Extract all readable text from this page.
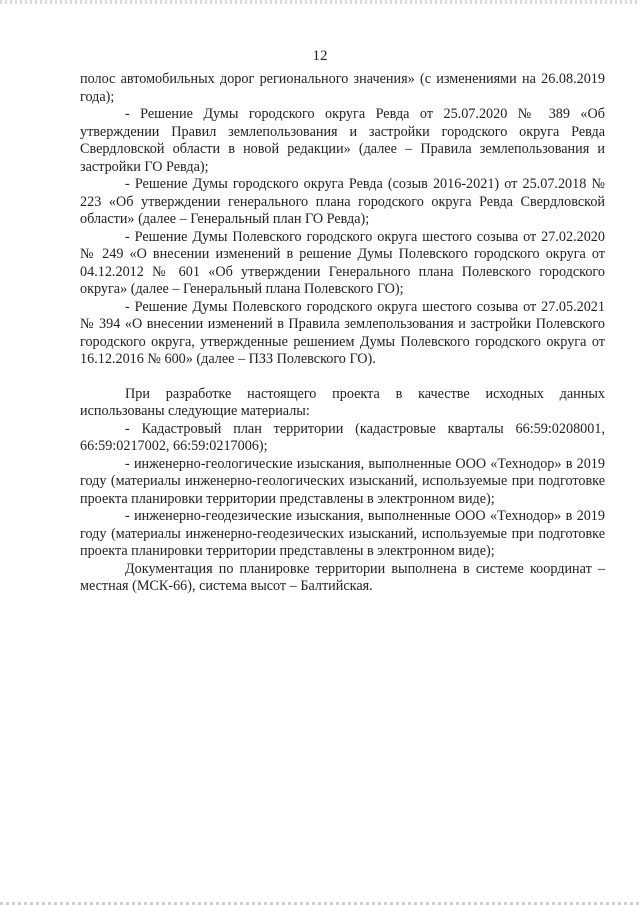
12

полос автомобильных дорог регионального значения» (с изменениями на 26.08.2019 года);

- Решение Думы городского округа Ревда от 25.07.2020 № 389 «Об утверждении Правил землепользования и застройки городского округа Ревда Свердловской области в новой редакции» (далее – Правила землепользования и застройки ГО Ревда);

- Решение Думы городского округа Ревда (созыв 2016-2021) от 25.07.2018 № 223 «Об утверждении генерального плана городского округа Ревда Свердловской области» (далее – Генеральный план ГО Ревда);

- Решение Думы Полевского городского округа шестого созыва от 27.02.2020 № 249 «О внесении изменений в решение Думы Полевского городского округа от 04.12.2012 № 601 «Об утверждении Генерального плана Полевского городского округа» (далее – Генеральный плана Полевского ГО);

- Решение Думы Полевского городского округа шестого созыва от 27.05.2021 № 394 «О внесении изменений в Правила землепользования и застройки Полевского городского округа, утвержденные решением Думы Полевского городского округа от 16.12.2016 № 600» (далее – ПЗЗ Полевского ГО).

При разработке настоящего проекта в качестве исходных данных использованы следующие материалы:

- Кадастровый план территории (кадастровые кварталы 66:59:0208001, 66:59:0217002, 66:59:0217006);

- инженерно-геологические изыскания, выполненные ООО «Технодор» в 2019 году (материалы инженерно-геологических изысканий, используемые при подготовке проекта планировки территории представлены в электронном виде);

- инженерно-геодезические изыскания, выполненные ООО «Технодор» в 2019 году (материалы инженерно-геодезических изысканий, используемые при подготовке проекта планировки территории представлены в электронном виде);

Документация по планировке территории выполнена в системе координат – местная (МСК-66), система высот – Балтийская.
